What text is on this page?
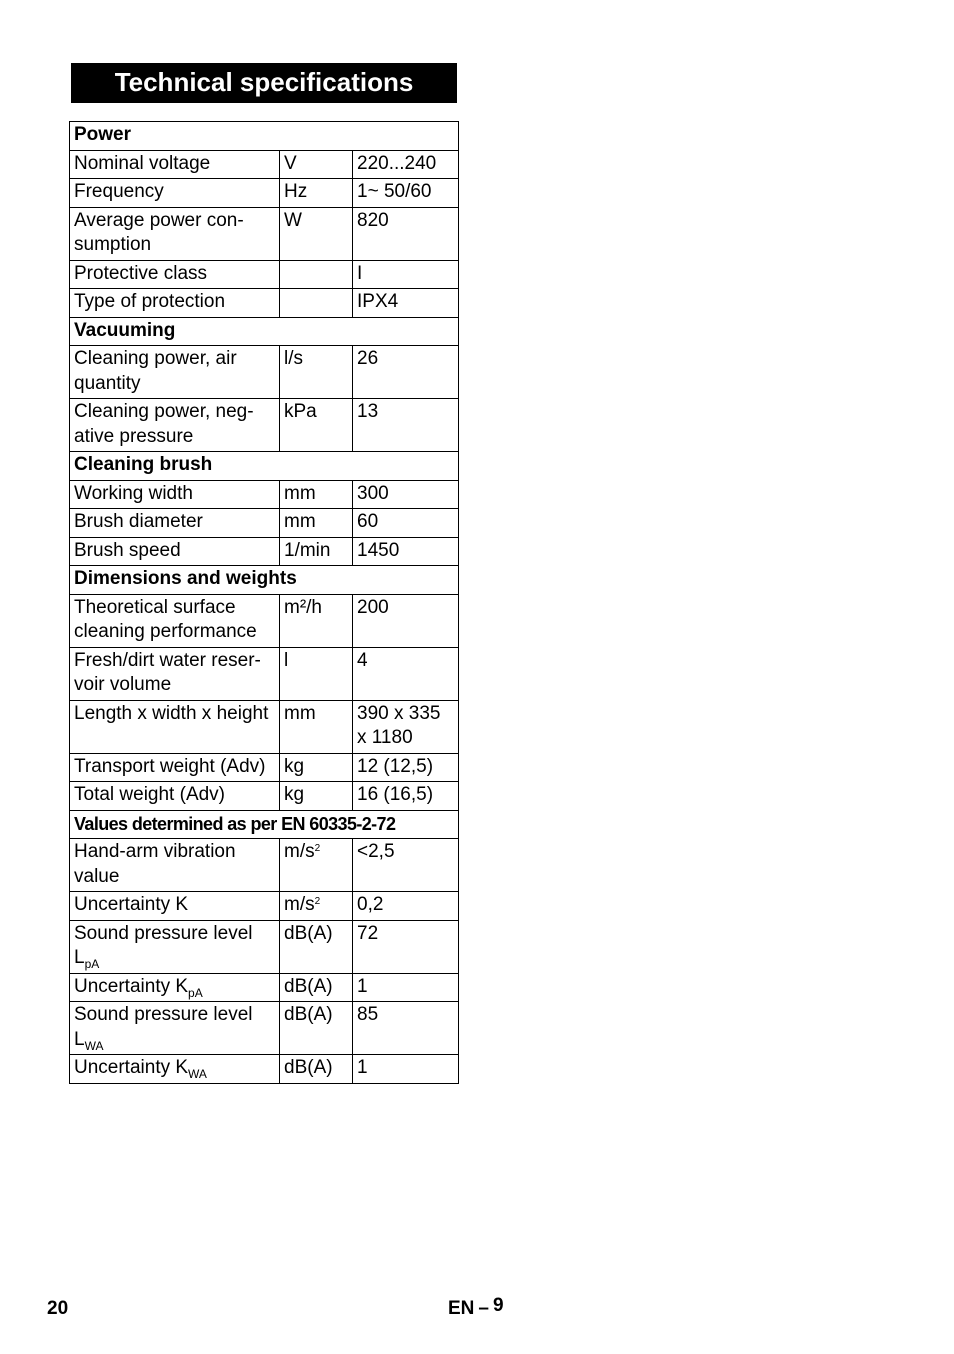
Technical specifications
Power		
Nominal voltage	V	220...240
Frequency	Hz	1~ 50/60
Average power con-sumption	W	820
Protective class		I
Type of protection		IPX4
Vacuuming		
Cleaning power, air quantity	l/s	26
Cleaning power, neg-ative pressure	kPa	13
Cleaning brush		
Working width	mm	300
Brush diameter	mm	60
Brush speed	1/min	1450
Dimensions and weights		
Theoretical surface cleaning performance	m²/h	200
Fresh/dirt water reser-voir volume	l	4
Length x width x height	mm	390 x 335 x 1180
Transport weight (Adv)	kg	12 (12,5)
Total weight (Adv)	kg	16 (16,5)
Values determined as per EN 60335-2-72		
Hand-arm vibration value	$m/s^2$	<2,5
Uncertainty K	$m/s^2$	0,2
Sound pressure level $L_{pA}$	dB(A)	72
Uncertainty $K_{pA}$	dB(A)	1
Sound pressure level $L_{WA}$	dB(A)	85
Uncertainty $K_{WA}$	dB(A)	1
20	EN – 9
